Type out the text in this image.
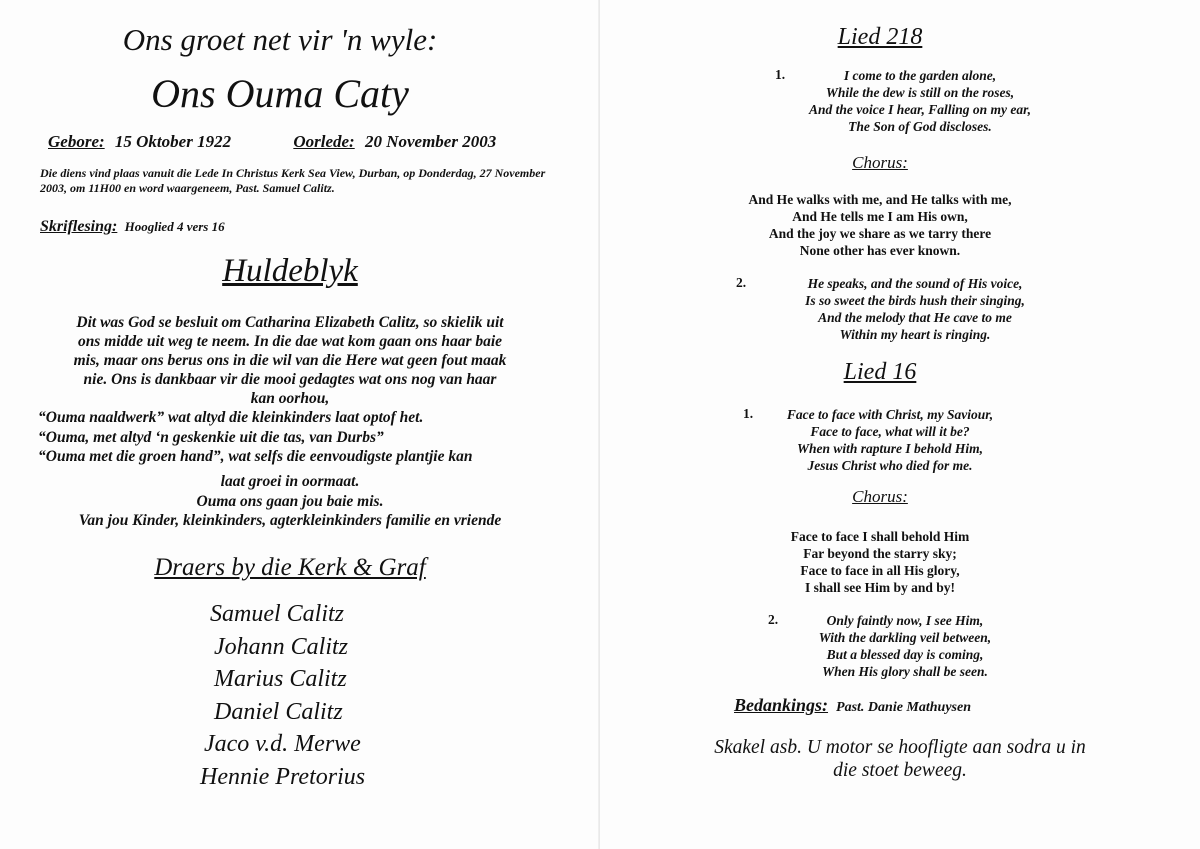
Ons groet net vir 'n wyle:
Ons Ouma Caty
Gebore: 15 Oktober 1922	Oorlede: 20 November 2003
Die diens vind plaas vanuit die Lede In Christus Kerk Sea View, Durban, op Donderdag, 27 November 2003, om 11H00 en word waargeneem, Past. Samuel Calitz.
Skriflesing: Hooglied 4 vers 16
Huldeblyk
Dit was God se besluit om Catharina Elizabeth Calitz, so skielik uit
ons midde uit weg te neem. In die dae wat kom gaan ons haar baie
mis, maar ons berus ons in die wil van die Here wat geen fout maak
nie. Ons is dankbaar vir die mooi gedagtes wat ons nog van haar
kan oorhou,
“Ouma naaldwerk” wat altyd die kleinkinders laat optof het.
“Ouma, met altyd ‘n geskenkie uit die tas, van Durbs”
“Ouma met die groen hand”, wat selfs die eenvoudigste plantjie kan
laat groei in oormaat.
Ouma ons gaan jou baie mis.
Van jou Kinder, kleinkinders, agterkleinkinders familie en vriende
Draers by die Kerk & Graf
Samuel Calitz
Johann Calitz
Marius Calitz
Daniel Calitz
Jaco v.d. Merwe
Hennie Pretorius
Lied 218
1.	I come to the garden alone,
While the dew is still on the roses,
And the voice I hear, Falling on my ear,
The Son of God discloses.
Chorus:
And He walks with me, and He talks with me,
And He tells me I am His own,
And the joy we share as we tarry there
None other has ever known.
2.	He speaks, and the sound of His voice,
Is so sweet the birds hush their singing,
And the melody that He cave to me
Within my heart is ringing.
Lied 16
1.	Face to face with Christ, my Saviour,
Face to face, what will it be?
When with rapture I behold Him,
Jesus Christ who died for me.
Chorus:
Face to face I shall behold Him
Far beyond the starry sky;
Face to face in all His glory,
I shall see Him by and by!
2.	Only faintly now, I see Him,
With the darkling veil between,
But a blessed day is coming,
When His glory shall be seen.
Bedankings: Past. Danie Mathuysen
Skakel asb. U motor se hoofligte aan sodra u in
die stoet beweeg.
